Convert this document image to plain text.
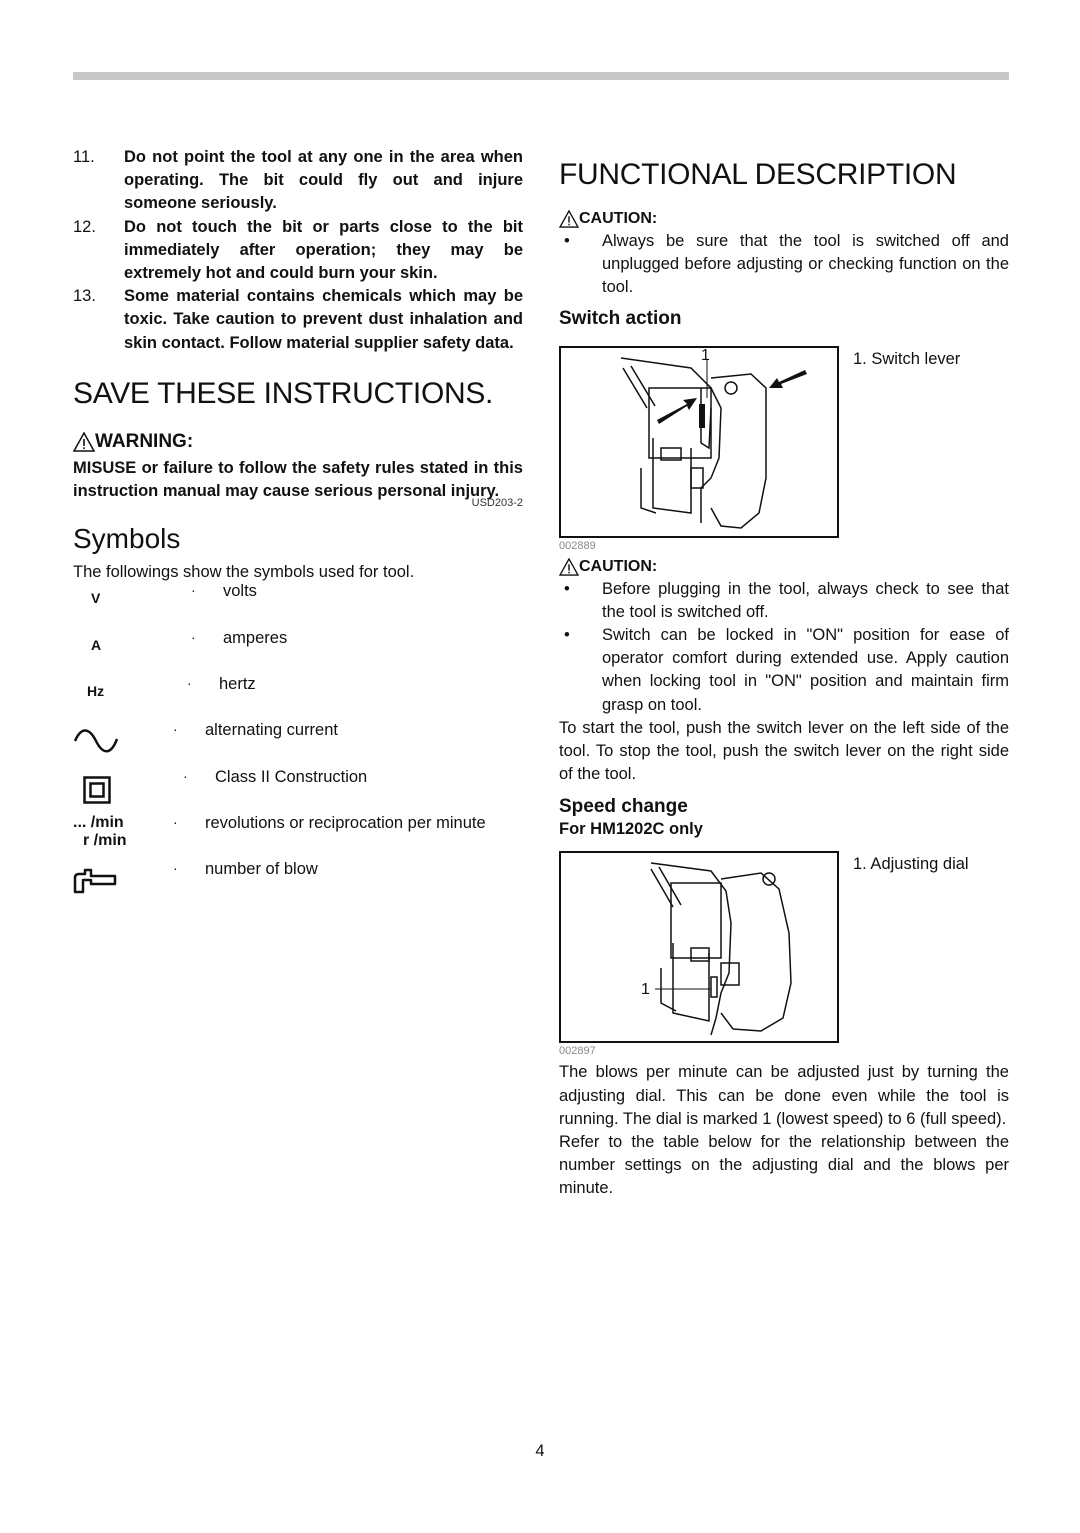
11.	Do not point the tool at any one in the area when operating. The bit could fly out and injure someone seriously.
12.	Do not touch the bit or parts close to the bit immediately after operation; they may be extremely hot and could burn your skin.
13.	Some material contains chemicals which may be toxic. Take caution to prevent dust inhalation and skin contact. Follow material supplier safety data.
SAVE THESE INSTRUCTIONS.
WARNING:

MISUSE or failure to follow the safety rules stated in this instruction manual may cause serious personal injury.

USD203-2
Symbols

The followings show the symbols used for tool.

V	·	volts
A	·	amperes
Hz	·	hertz
·	alternating current
·	Class II Construction
... /min
r /min
·	revolutions or reciprocation per minute
·	number of blow
FUNCTIONAL DESCRIPTION
CAUTION:
•	Always be sure that the tool is switched off and unplugged before adjusting or checking function on the tool.
Switch action
1	1. Switch lever
002889
CAUTION:
•	Before plugging in the tool, always check to see that the tool is switched off.
•	Switch can be locked in "ON" position for ease of operator comfort during extended use. Apply caution when locking tool in "ON" position and maintain firm grasp on tool.

To start the tool, push the switch lever on the left side of the tool. To stop the tool, push the switch lever on the right side of the tool.

Speed change
For HM1202C only
1
1. Adjusting dial
002897

The blows per minute can be adjusted just by turning the adjusting dial. This can be done even while the tool is running. The dial is marked 1 (lowest speed) to 6 (full speed).

Refer to the table below for the relationship between the number settings on the adjusting dial and the blows per minute.

4
